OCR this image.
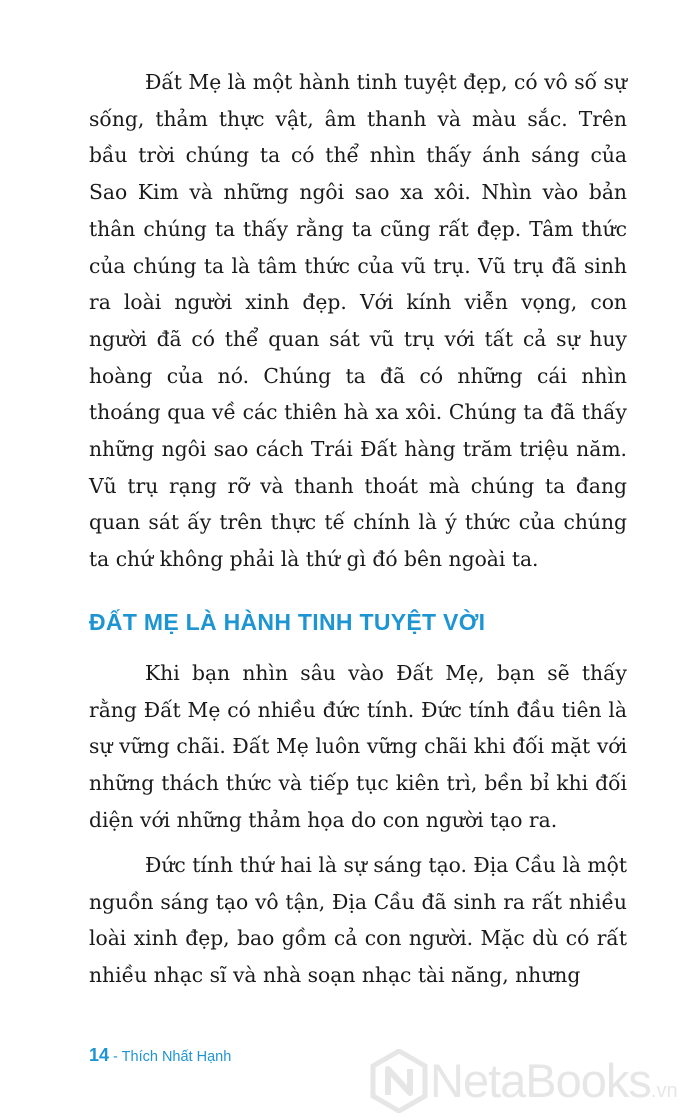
Đất Mẹ là một hành tinh tuyệt đẹp, có vô số sự sống, thảm thực vật, âm thanh và màu sắc. Trên bầu trời chúng ta có thể nhìn thấy ánh sáng của Sao Kim và những ngôi sao xa xôi. Nhìn vào bản thân chúng ta thấy rằng ta cũng rất đẹp. Tâm thức của chúng ta là tâm thức của vũ trụ. Vũ trụ đã sinh ra loài người xinh đẹp. Với kính viễn vọng, con người đã có thể quan sát vũ trụ với tất cả sự huy hoàng của nó. Chúng ta đã có những cái nhìn thoáng qua về các thiên hà xa xôi. Chúng ta đã thấy những ngôi sao cách Trái Đất hàng trăm triệu năm. Vũ trụ rạng rỡ và thanh thoát mà chúng ta đang quan sát ấy trên thực tế chính là ý thức của chúng ta chứ không phải là thứ gì đó bên ngoài ta.

ĐẤT MẸ LÀ HÀNH TINH TUYỆT VỜI

Khi bạn nhìn sâu vào Đất Mẹ, bạn sẽ thấy rằng Đất Mẹ có nhiều đức tính. Đức tính đầu tiên là sự vững chãi. Đất Mẹ luôn vững chãi khi đối mặt với những thách thức và tiếp tục kiên trì, bền bỉ khi đối diện với những thảm họa do con người tạo ra.

Đức tính thứ hai là sự sáng tạo. Địa Cầu là một nguồn sáng tạo vô tận, Địa Cầu đã sinh ra rất nhiều loài xinh đẹp, bao gồm cả con người. Mặc dù có rất nhiều nhạc sĩ và nhà soạn nhạc tài năng, nhưng

14 - Thích Nhất Hạnh	NetaBooks.vn
